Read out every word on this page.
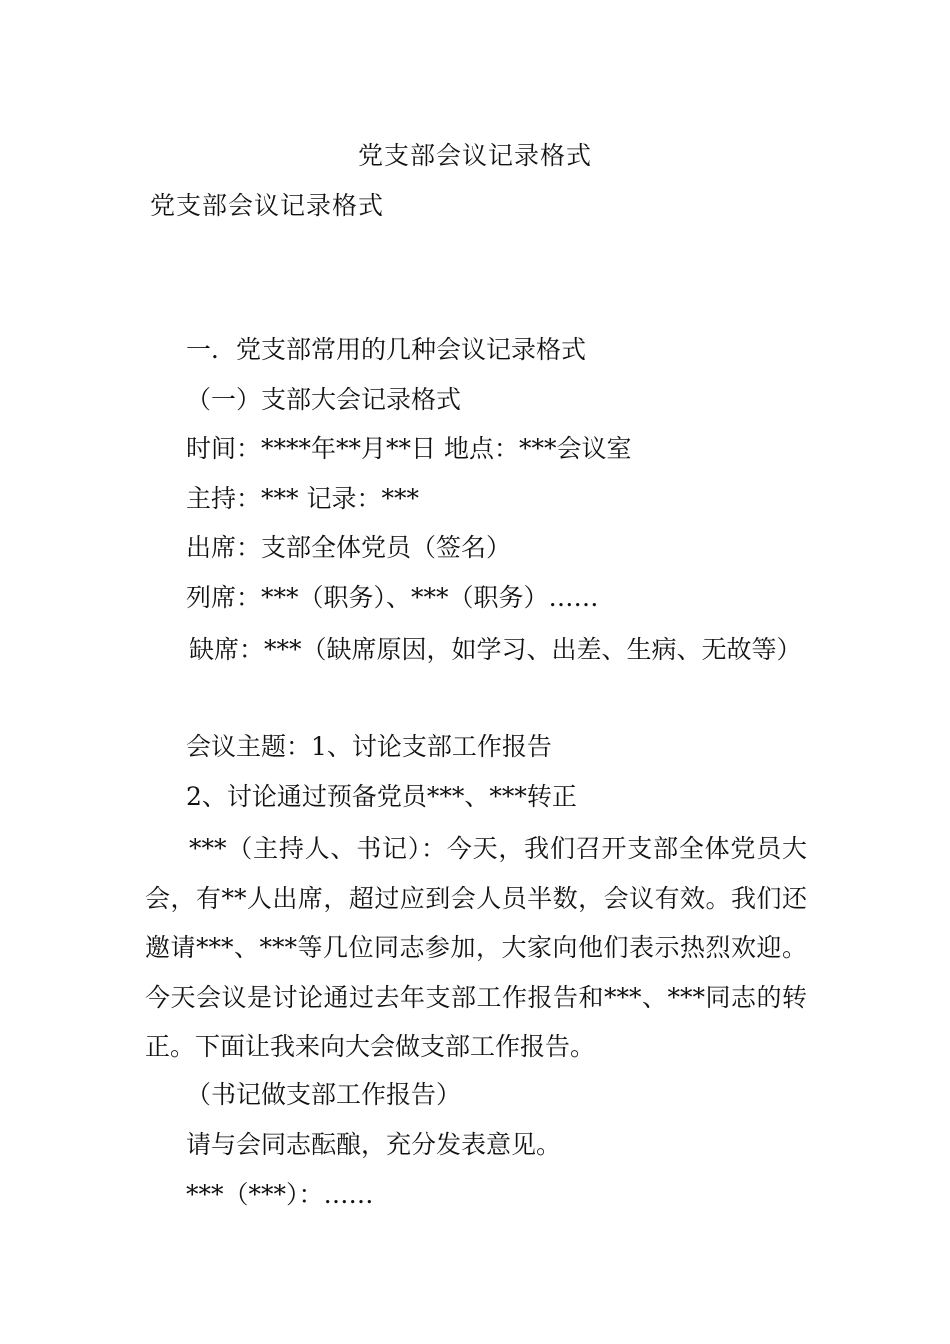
党支部会议记录格式
党支部会议记录格式
一．党支部常用的几种会议记录格式
（一）支部大会记录格式
时间：****年**月**日 地点：***会议室
主持：*** 记录：***
出席：支部全体党员（签名）
列席：***（职务）、***（职务）……
缺席：***（缺席原因，如学习、出差、生病、无故等）
会议主题：1、讨论支部工作报告
2、讨论通过预备党员***、***转正
***（主持人、书记）：今天，我们召开支部全体党员大会，有**人出席，超过应到会人员半数，会议有效。我们还邀请***、***等几位同志参加，大家向他们表示热烈欢迎。今天会议是讨论通过去年支部工作报告和***、***同志的转正。下面让我来向大会做支部工作报告。
（书记做支部工作报告）
请与会同志酝酿，充分发表意见。
***（***）：……
